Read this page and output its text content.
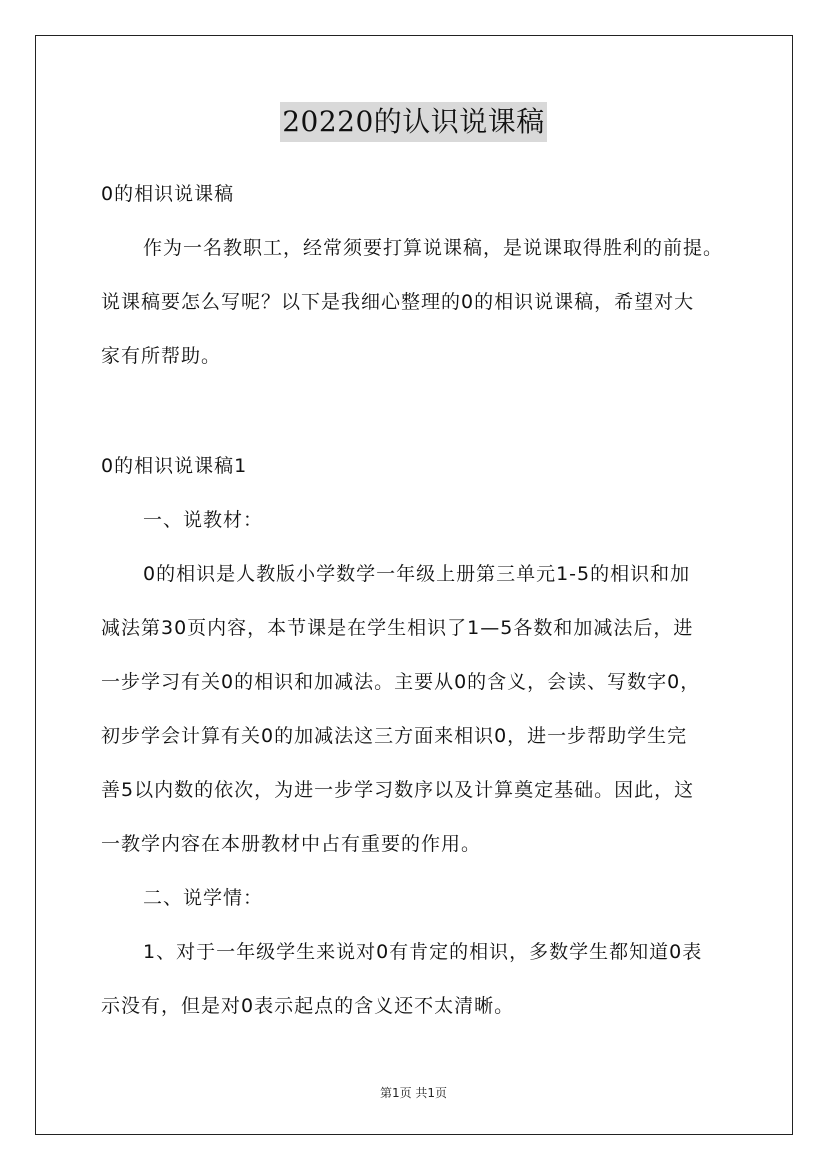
20220的认识说课稿
0的相识说课稿
作为一名教职工，经常须要打算说课稿，是说课取得胜利的前提。
说课稿要怎么写呢？以下是我细心整理的0的相识说课稿，希望对大
家有所帮助。
0的相识说课稿1
一、说教材：
0的相识是人教版小学数学一年级上册第三单元1-5的相识和加
减法第30页内容，本节课是在学生相识了1—5各数和加减法后，进
一步学习有关0的相识和加减法。主要从0的含义，会读、写数字0，
初步学会计算有关0的加减法这三方面来相识0，进一步帮助学生完
善5以内数的依次，为进一步学习数序以及计算奠定基础。因此，这
一教学内容在本册教材中占有重要的作用。
二、说学情：
1、对于一年级学生来说对0有肯定的相识，多数学生都知道0表
示没有，但是对0表示起点的含义还不太清晰。
第1页 共1页
